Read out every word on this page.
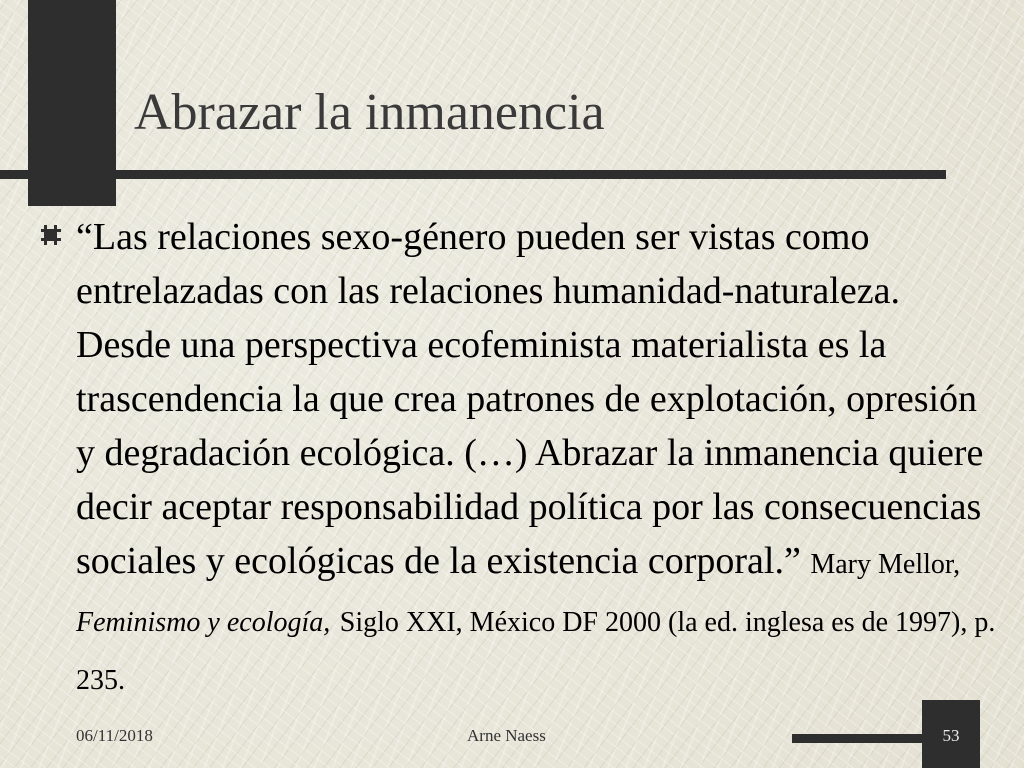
Abrazar la inmanencia

“Las relaciones sexo-género pueden ser vistas como entrelazadas con las relaciones humanidad-naturaleza. Desde una perspectiva ecofeminista materialista es la trascendencia la que crea patrones de explotación, opresión y degradación ecológica. (…) Abrazar la inmanencia quiere decir aceptar responsabilidad política por las consecuencias sociales y ecológicas de la existencia corporal.” Mary Mellor, Feminismo y ecología, Siglo XXI, México DF 2000 (la ed. inglesa es de 1997), p. 235.

06/11/2018	Arne Naess	53
